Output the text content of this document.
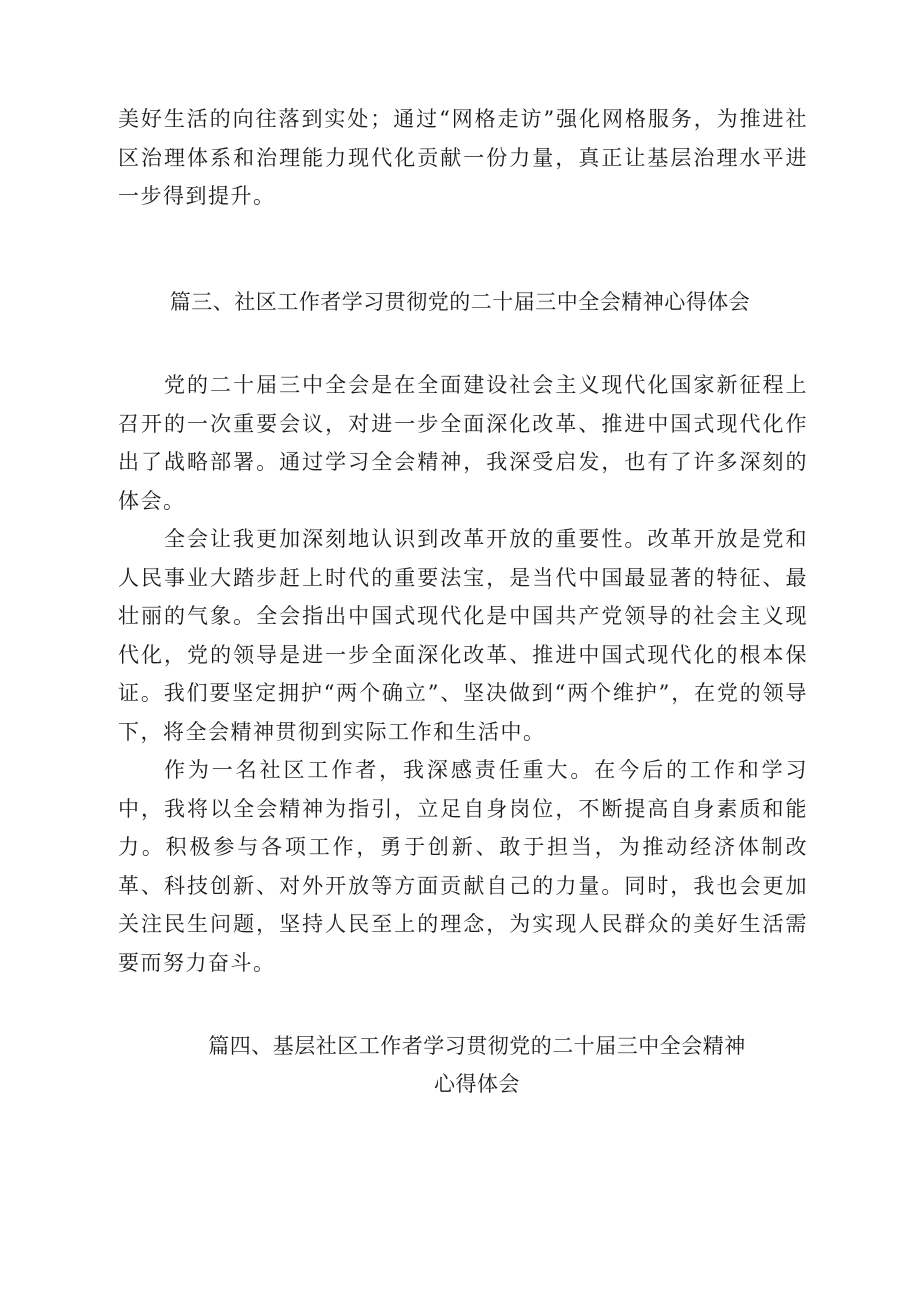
美好生活的向往落到实处；通过“网格走访”强化网格服务，为推进社区治理体系和治理能力现代化贡献一份力量，真正让基层治理水平进一步得到提升。

篇三、社区工作者学习贯彻党的二十届三中全会精神心得体会

党的二十届三中全会是在全面建设社会主义现代化国家新征程上召开的一次重要会议，对进一步全面深化改革、推进中国式现代化作出了战略部署。通过学习全会精神，我深受启发，也有了许多深刻的体会。

全会让我更加深刻地认识到改革开放的重要性。改革开放是党和人民事业大踏步赶上时代的重要法宝，是当代中国最显著的特征、最壮丽的气象。全会指出中国式现代化是中国共产党领导的社会主义现代化，党的领导是进一步全面深化改革、推进中国式现代化的根本保证。我们要坚定拥护“两个确立”、坚决做到“两个维护”，在党的领导下，将全会精神贯彻到实际工作和生活中。

作为一名社区工作者，我深感责任重大。在今后的工作和学习中，我将以全会精神为指引，立足自身岗位，不断提高自身素质和能力。积极参与各项工作，勇于创新、敢于担当，为推动经济体制改革、科技创新、对外开放等方面贡献自己的力量。同时，我也会更加关注民生问题，坚持人民至上的理念，为实现人民群众的美好生活需要而努力奋斗。

篇四、基层社区工作者学习贯彻党的二十届三中全会精神
心得体会
